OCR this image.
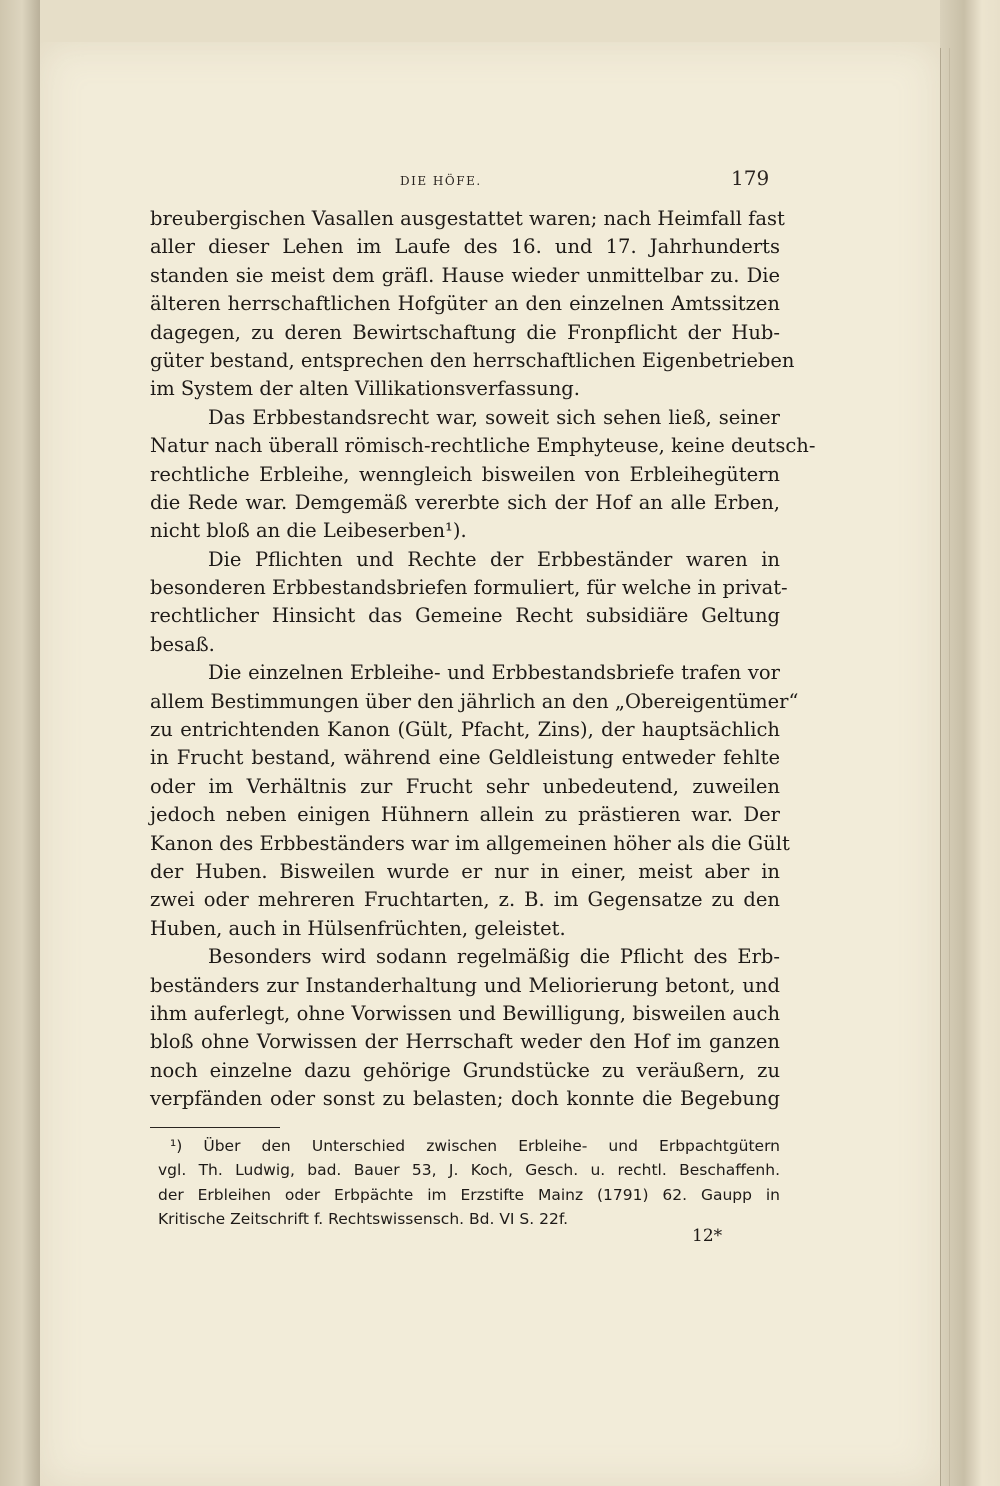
DIE HÖFE.	179
breubergischen Vasallen ausgestattet waren; nach Heimfall fast
aller dieser Lehen im Laufe des 16. und 17. Jahrhunderts
standen sie meist dem gräfl. Hause wieder unmittelbar zu. Die
älteren herrschaftlichen Hofgüter an den einzelnen Amtssitzen
dagegen, zu deren Bewirtschaftung die Fronpflicht der Hub-
güter bestand, entsprechen den herrschaftlichen Eigenbetrieben
im System der alten Villikationsverfassung.
Das Erbbestandsrecht war, soweit sich sehen ließ, seiner
Natur nach überall römisch-rechtliche Emphyteuse, keine deutsch-
rechtliche Erbleihe, wenngleich bisweilen von Erbleihegütern
die Rede war. Demgemäß vererbte sich der Hof an alle Erben,
nicht bloß an die Leibeserben¹).
Die Pflichten und Rechte der Erbbeständer waren in
besonderen Erbbestandsbriefen formuliert, für welche in privat-
rechtlicher Hinsicht das Gemeine Recht subsidiäre Geltung
besaß.
Die einzelnen Erbleihe- und Erbbestandsbriefe trafen vor
allem Bestimmungen über den jährlich an den „Obereigentümer“
zu entrichtenden Kanon (Gült, Pfacht, Zins), der hauptsächlich
in Frucht bestand, während eine Geldleistung entweder fehlte
oder im Verhältnis zur Frucht sehr unbedeutend, zuweilen
jedoch neben einigen Hühnern allein zu prästieren war. Der
Kanon des Erbbeständers war im allgemeinen höher als die Gült
der Huben. Bisweilen wurde er nur in einer, meist aber in
zwei oder mehreren Fruchtarten, z. B. im Gegensatze zu den
Huben, auch in Hülsenfrüchten, geleistet.
Besonders wird sodann regelmäßig die Pflicht des Erb-
beständers zur Instanderhaltung und Meliorierung betont, und
ihm auferlegt, ohne Vorwissen und Bewilligung, bisweilen auch
bloß ohne Vorwissen der Herrschaft weder den Hof im ganzen
noch einzelne dazu gehörige Grundstücke zu veräußern, zu
verpfänden oder sonst zu belasten; doch konnte die Begebung
¹) Über den Unterschied zwischen Erbleihe- und Erbpachtgütern
vgl. Th. Ludwig, bad. Bauer 53, J. Koch, Gesch. u. rechtl. Beschaffenh.
der Erbleihen oder Erbpächte im Erzstifte Mainz (1791) 62. Gaupp in
Kritische Zeitschrift f. Rechtswissensch. Bd. VI S. 22f.
12*
